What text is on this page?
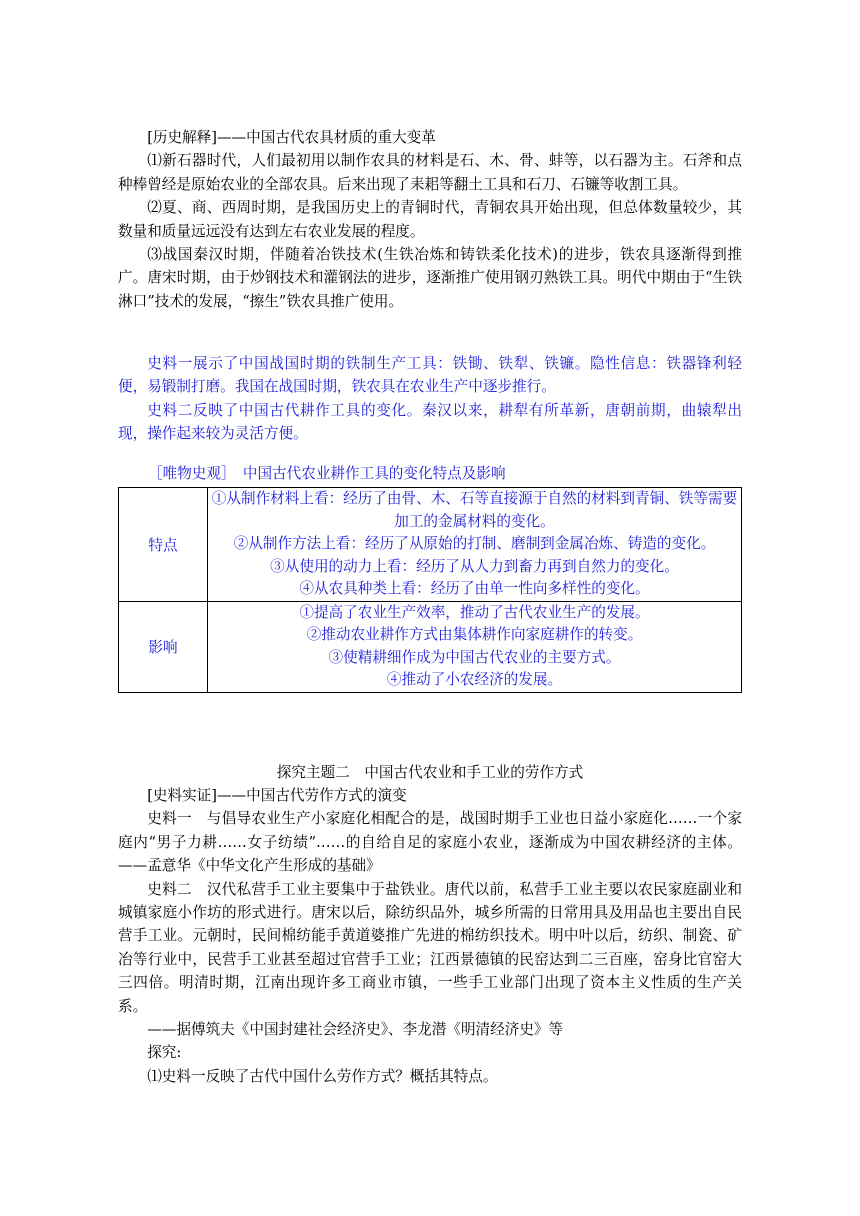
[历史解释]——中国古代农具材质的重大变革

⑴新石器时代，人们最初用以制作农具的材料是石、木、骨、蚌等，以石器为主。石斧和点种棒曾经是原始农业的全部农具。后来出现了耒耜等翻土工具和石刀、石镰等收割工具。

⑵夏、商、西周时期，是我国历史上的青铜时代，青铜农具开始出现，但总体数量较少，其数量和质量远远没有达到左右农业发展的程度。

⑶战国秦汉时期，伴随着冶铁技术(生铁冶炼和铸铁柔化技术)的进步，铁农具逐渐得到推广。唐宋时期，由于炒钢技术和灌钢法的进步，逐渐推广使用钢刃熟铁工具。明代中期由于“生铁淋口”技术的发展，“擦生”铁农具推广使用。

史料一展示了中国战国时期的铁制生产工具：铁锄、铁犁、铁镰。隐性信息：铁器锋利轻便，易锻制打磨。我国在战国时期，铁农具在农业生产中逐步推行。

史料二反映了中国古代耕作工具的变化。秦汉以来，耕犁有所革新，唐朝前期，曲辕犁出现，操作起来较为灵活方便。

［唯物史观］　中国古代农业耕作工具的变化特点及影响
特点	①从制作材料上看：经历了由骨、木、石等直接源于自然的材料到青铜、铁等需要加工的金属材料的变化。
②从制作方法上看：经历了从原始的打制、磨制到金属冶炼、铸造的变化。
③从使用的动力上看：经历了从人力到畜力再到自然力的变化。
④从农具种类上看：经历了由单一性向多样性的变化。

影响	①提高了农业生产效率，推动了古代农业生产的发展。
②推动农业耕作方式由集体耕作向家庭耕作的转变。
③使精耕细作成为中国古代农业的主要方式。
④推动了小农经济的发展。
探究主题二　中国古代农业和手工业的劳作方式

[史料实证]——中国古代劳作方式的演变

史料一　与倡导农业生产小家庭化相配合的是，战国时期手工业也日益小家庭化……一个家庭内“男子力耕……女子纺绩”……的自给自足的家庭小农业，逐渐成为中国农耕经济的主体。——孟意华《中华文化产生形成的基础》

史料二　汉代私营手工业主要集中于盐铁业。唐代以前，私营手工业主要以农民家庭副业和城镇家庭小作坊的形式进行。唐宋以后，除纺织品外，城乡所需的日常用具及用品也主要出自民营手工业。元朝时，民间棉纺能手黄道婆推广先进的棉纺织技术。明中叶以后，纺织、制瓷、矿冶等行业中，民营手工业甚至超过官营手工业；江西景德镇的民窑达到二三百座，窑身比官窑大三四倍。明清时期，江南出现许多工商业市镇，一些手工业部门出现了资本主义性质的生产关系。

——据傅筑夫《中国封建社会经济史》、李龙潜《明清经济史》等

探究:

⑴史料一反映了古代中国什么劳作方式？概括其特点。
